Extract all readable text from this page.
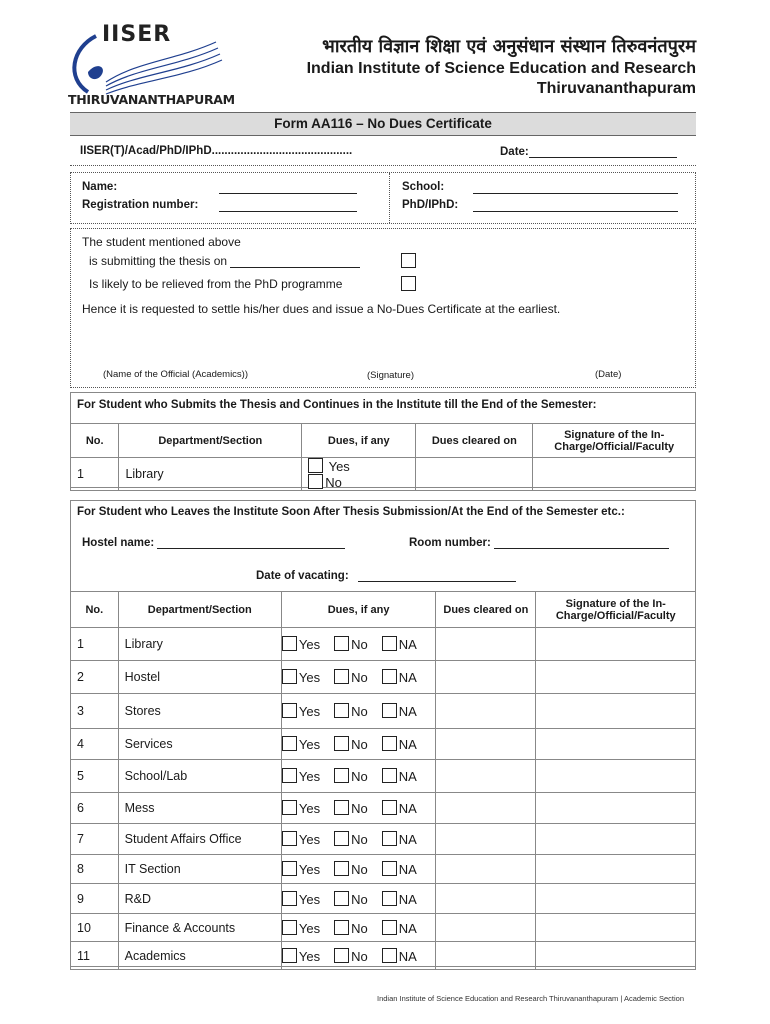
IISER
THIRUVANANTHAPURAM
भारतीय विज्ञान शिक्षा एवं अनुसंधान संस्थान तिरुवनंतपुरम
Indian Institute of Science Education and Research
Thiruvananthapuram
Form AA116 – No Dues Certificate
IISER(T)/Acad/PhD/IPhD............................................	Date:
Name:
Registration number:
School:
PhD/IPhD:
The student mentioned above
is submitting the thesis on
Is likely to be relieved from the PhD programme
Hence it is requested to settle his/her dues and issue a No-Dues Certificate at the earliest.
(Name of the Official (Academics))	(Signature)	(Date)
For Student who Submits the Thesis and Continues in the Institute till the End of the Semester:
No.	Department/Section	Dues, if any	Dues cleared on	Signature of the In-Charge/Official/Faculty
1	Library	YesNo		
For Student who Leaves the Institute Soon After Thesis Submission/At the End of the Semester etc.:
Hostel name:	Room number:
Date of vacating:
No.	Department/Section	Dues, if any	Dues cleared on	Signature of the In-Charge/Official/Faculty
1	Library	Yes No NA		
2	Hostel	Yes No NA		
3	Stores	Yes No NA		
4	Services	Yes No NA		
5	School/Lab	Yes No NA		
6	Mess	Yes No NA		
7	Student Affairs Office	Yes No NA		
8	IT Section	Yes No NA		
9	R&D	Yes No NA		
10	Finance & Accounts	Yes No NA		
11	Academics	Yes No NA		
Indian Institute of Science Education and Research Thiruvananthapuram | Academic Section
